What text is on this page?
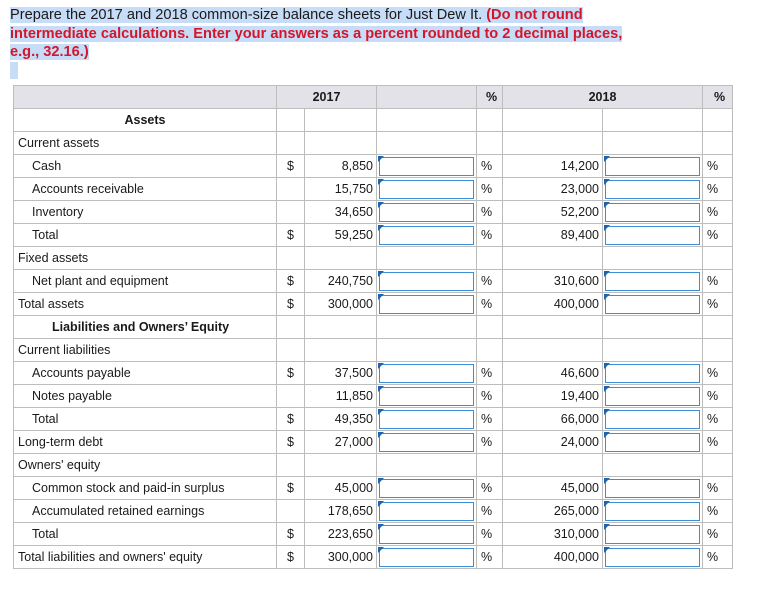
Prepare the 2017 and 2018 common-size balance sheets for Just Dew It. (Do not round intermediate calculations. Enter your answers as a percent rounded to 2 decimal places, e.g., 32.16.)
	2017			%	2018		%
Assets							
Current assets							
Cash	$	8,850		%	14,200		%
Accounts receivable		15,750		%	23,000		%
Inventory		34,650		%	52,200		%
Total	$	59,250		%	89,400		%
Fixed assets							
Net plant and equipment	$	240,750		%	310,600		%
Total assets	$	300,000		%	400,000		%
Liabilities and Owners’ Equity							
Current liabilities							
Accounts payable	$	37,500		%	46,600		%
Notes payable		11,850		%	19,400		%
Total	$	49,350		%	66,000		%
Long-term debt	$	27,000		%	24,000		%
Owners' equity							
Common stock and paid-in surplus	$	45,000		%	45,000		%
Accumulated retained earnings		178,650		%	265,000		%
Total	$	223,650		%	310,000		%
Total liabilities and owners' equity	$	300,000		%	400,000		%
